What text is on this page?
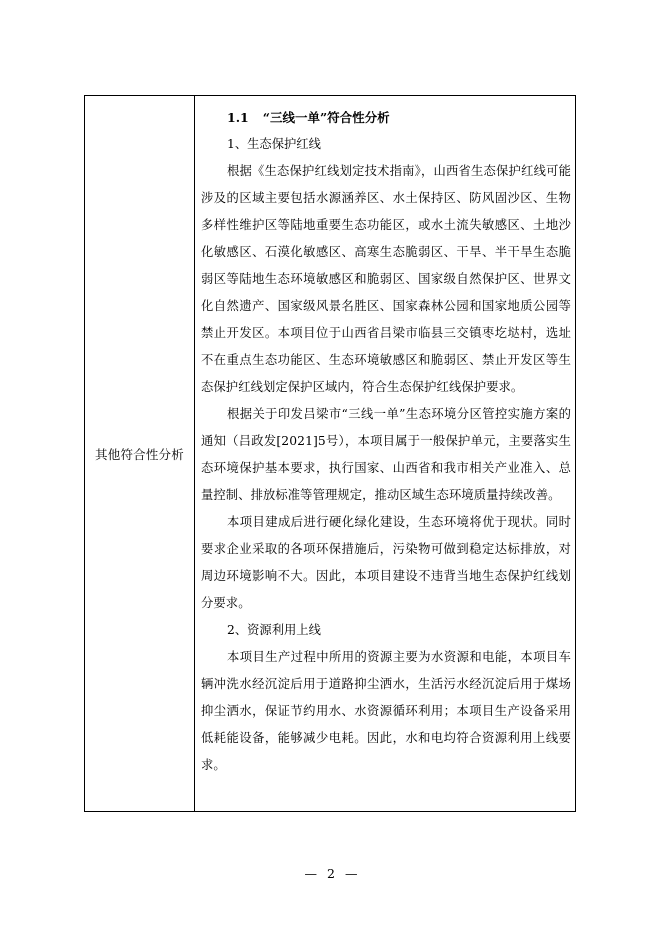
其他符合性分析

1.1 “三线一单”符合性分析

1、生态保护红线

根据《生态保护红线划定技术指南》，山西省生态保护红线可能涉及的区域主要包括水源涵养区、水土保持区、防风固沙区、生物多样性维护区等陆地重要生态功能区，或水土流失敏感区、土地沙化敏感区、石漠化敏感区、高寒生态脆弱区、干旱、半干旱生态脆弱区等陆地生态环境敏感区和脆弱区、国家级自然保护区、世界文化自然遗产、国家级风景名胜区、国家森林公园和国家地质公园等禁止开发区。本项目位于山西省吕梁市临县三交镇枣圪垯村，选址不在重点生态功能区、生态环境敏感区和脆弱区、禁止开发区等生态保护红线划定保护区域内，符合生态保护红线保护要求。

根据关于印发吕梁市“三线一单”生态环境分区管控实施方案的通知（吕政发[2021]5号），本项目属于一般保护单元，主要落实生态环境保护基本要求，执行国家、山西省和我市相关产业准入、总量控制、排放标准等管理规定，推动区域生态环境质量持续改善。

本项目建成后进行硬化绿化建设，生态环境将优于现状。同时要求企业采取的各项环保措施后，污染物可做到稳定达标排放，对周边环境影响不大。因此，本项目建设不违背当地生态保护红线划分要求。

2、资源利用上线

本项目生产过程中所用的资源主要为水资源和电能，本项目车辆冲洗水经沉淀后用于道路抑尘洒水，生活污水经沉淀后用于煤场抑尘洒水，保证节约用水、水资源循环利用；本项目生产设备采用低耗能设备，能够减少电耗。因此，水和电均符合资源利用上线要求。

— 2 —
